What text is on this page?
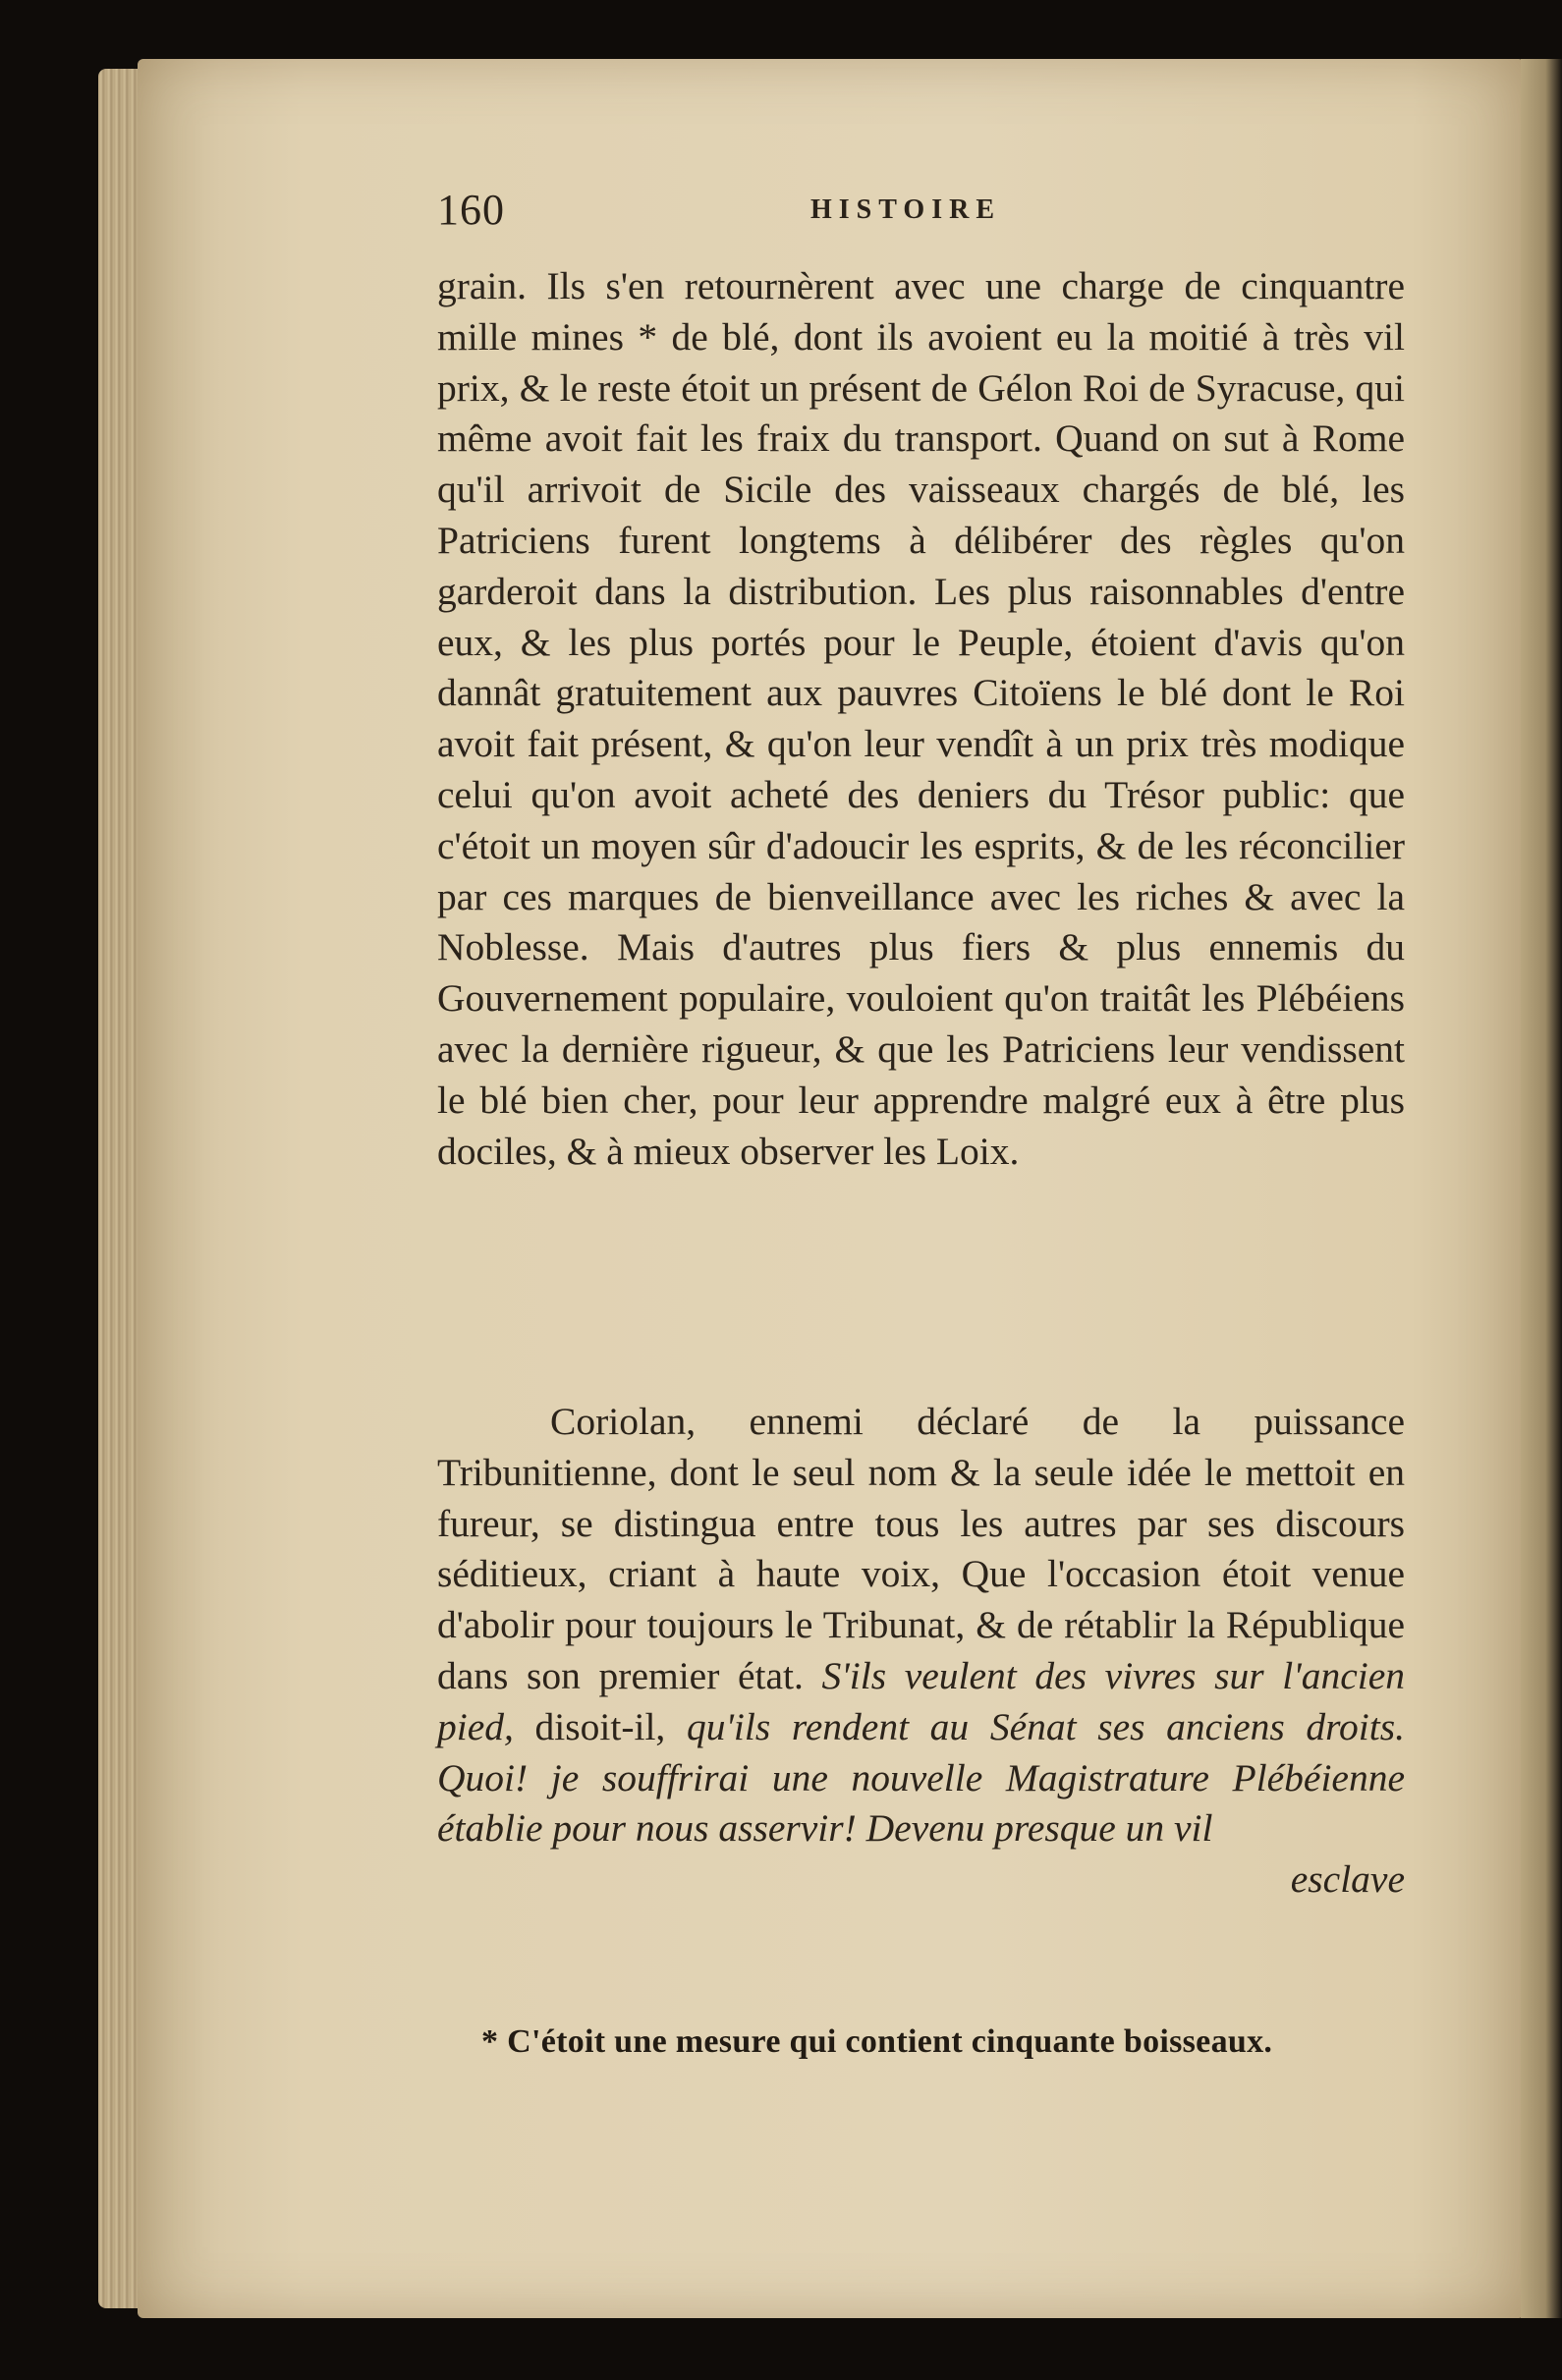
160	HISTOIRE

grain. Ils s'en retournèrent avec une charge de cinquantre mille mines * de blé, dont ils avoient eu la moitié à très vil prix, & le reste étoit un présent de Gélon Roi de Syracuse, qui même avoit fait les fraix du transport. Quand on sut à Rome qu'il arrivoit de Sicile des vaisseaux chargés de blé, les Patriciens furent longtems à délibérer des règles qu'on garderoit dans la distribution. Les plus raisonnables d'entre eux, & les plus portés pour le Peuple, étoient d'avis qu'on dannât gratuitement aux pauvres Citoïens le blé dont le Roi avoit fait présent, & qu'on leur vendît à un prix très modique celui qu'on avoit acheté des deniers du Trésor public: que c'étoit un moyen sûr d'adoucir les esprits, & de les réconcilier par ces marques de bienveillance avec les riches & avec la Noblesse. Mais d'autres plus fiers & plus ennemis du Gouvernement populaire, vouloient qu'on traitât les Plébéiens avec la dernière rigueur, & que les Patriciens leur vendissent le blé bien cher, pour leur apprendre malgré eux à être plus dociles, & à mieux observer les Loix.

Coriolan, ennemi déclaré de la puissance Tribunitienne, dont le seul nom & la seule idée le mettoit en fureur, se distingua entre tous les autres par ses discours séditieux, criant à haute voix, Que l'occasion étoit venue d'abolir pour toujours le Tribunat, & de rétablir la République dans son premier état. S'ils veulent des vivres sur l'ancien pied, disoit-il, qu'ils rendent au Sénat ses anciens droits. Quoi! je souffrirai une nouvelle Magistrature Plébéienne établie pour nous asservir! Devenu presque un vil
esclave

* C'étoit une mesure qui contient cinquante boisseaux.
